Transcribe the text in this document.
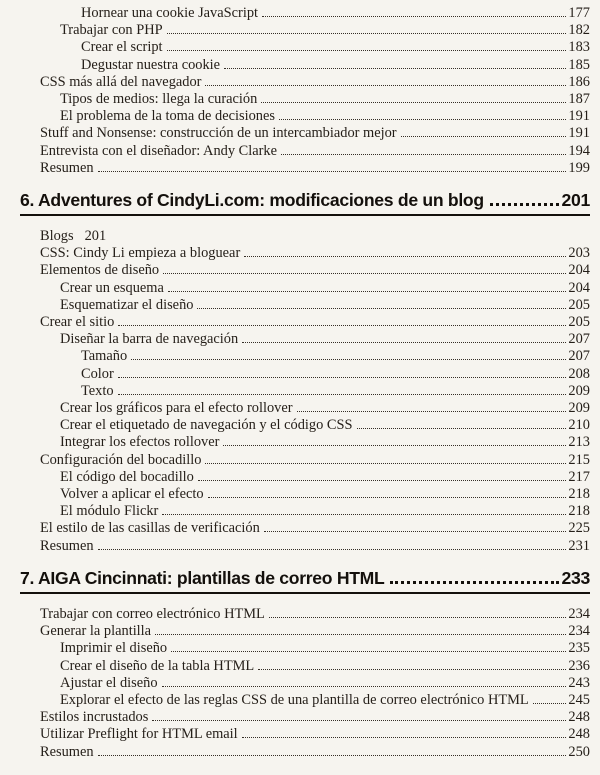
Hornear una cookie JavaScript	177
Trabajar con PHP	182
Crear el script	183
Degustar nuestra cookie	185
CSS más allá del navegador	186
Tipos de medios: llega la curación	187
El problema de la toma de decisiones	191
Stuff and Nonsense: construcción de un intercambiador mejor	191
Entrevista con el diseñador: Andy Clarke	194
Resumen	199
6. Adventures of CindyLi.com: modificaciones de un blog	201
Blogs 201
CSS: Cindy Li empieza a bloguear	203
Elementos de diseño	204
Crear un esquema	204
Esquematizar el diseño	205
Crear el sitio	205
Diseñar la barra de navegación	207
Tamaño	207
Color	208
Texto	209
Crear los gráficos para el efecto rollover	209
Crear el etiquetado de navegación y el código CSS	210
Integrar los efectos rollover	213
Configuración del bocadillo	215
El código del bocadillo	217
Volver a aplicar el efecto	218
El módulo Flickr	218
El estilo de las casillas de verificación	225
Resumen	231
7. AIGA Cincinnati: plantillas de correo HTML	233
Trabajar con correo electrónico HTML	234
Generar la plantilla	234
Imprimir el diseño	235
Crear el diseño de la tabla HTML	236
Ajustar el diseño	243
Explorar el efecto de las reglas CSS de una plantilla de correo electrónico HTML	245
Estilos incrustados	248
Utilizar Preflight for HTML email	248
Resumen	250
